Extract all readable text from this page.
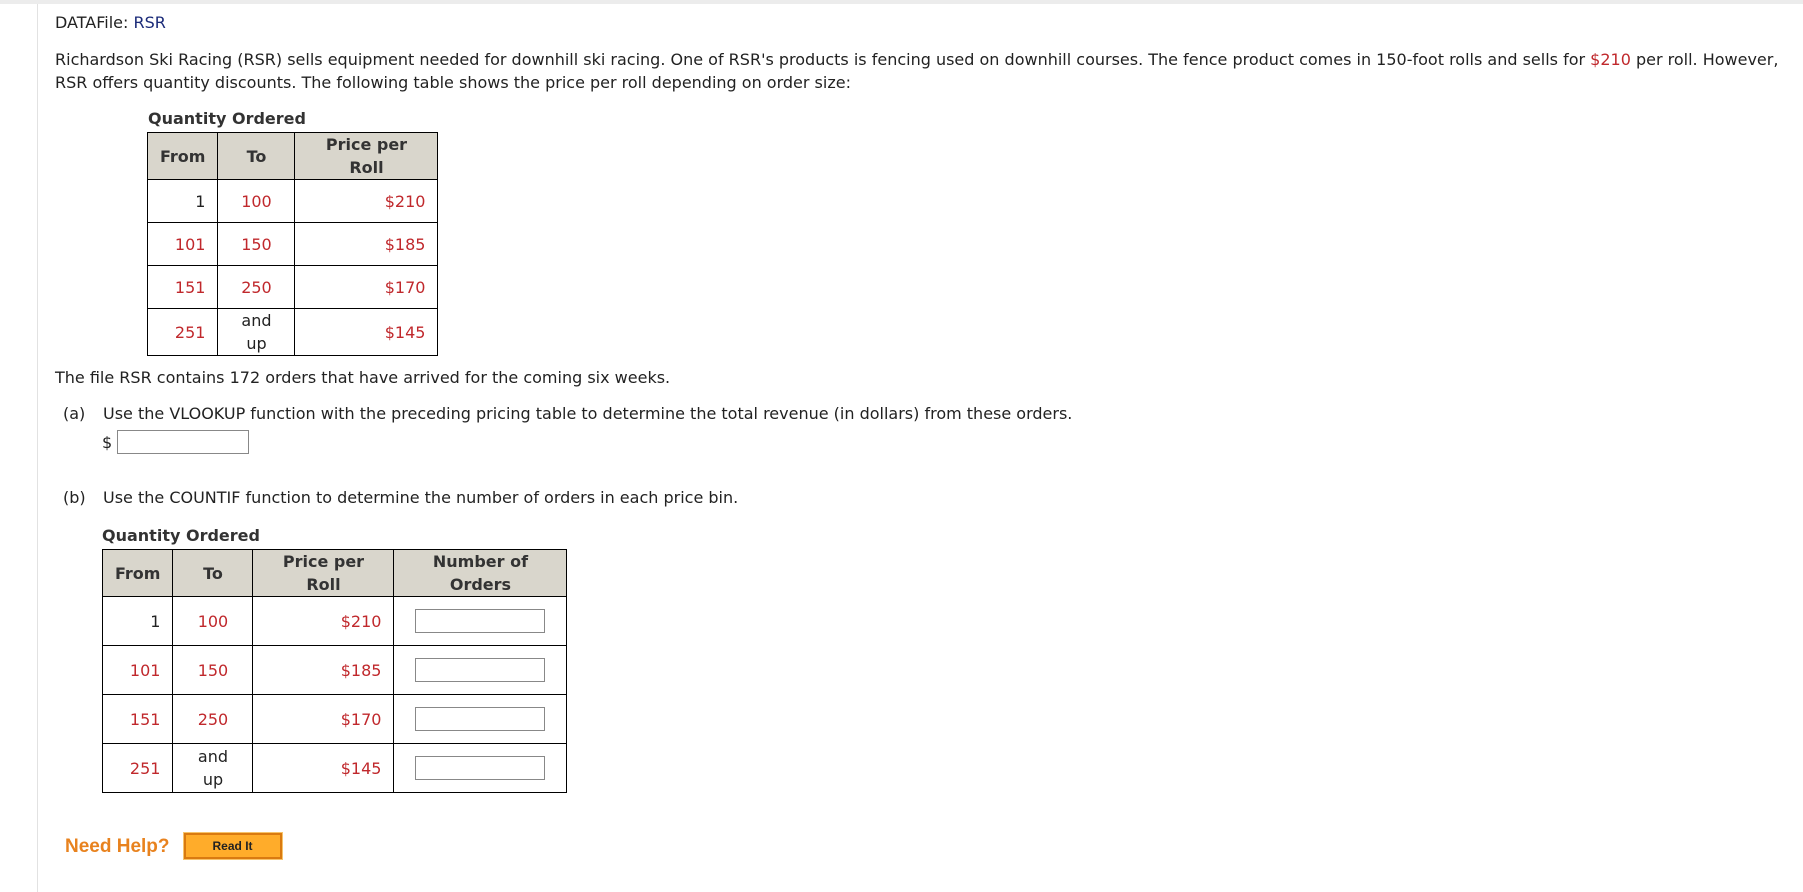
DATAFile: RSR
Richardson Ski Racing (RSR) sells equipment needed for downhill ski racing. One of RSR's products is fencing used on downhill courses. The fence product comes in 150-foot rolls and sells for $210 per roll. However, RSR offers quantity discounts. The following table shows the price per roll depending on order size:
Quantity Ordered
From	To	Price per Roll
1	100	$210
101	150	$185
151	250	$170
251	and up	$145
The file RSR contains 172 orders that have arrived for the coming six weeks.
(a) Use the VLOOKUP function with the preceding pricing table to determine the total revenue (in dollars) from these orders.
$
(b) Use the COUNTIF function to determine the number of orders in each price bin.
Quantity Ordered
From	To	Price per Roll	Number of Orders
1	100	$210	
101	150	$185	
151	250	$170	
251	and up	$145	
Need Help?	Read It
